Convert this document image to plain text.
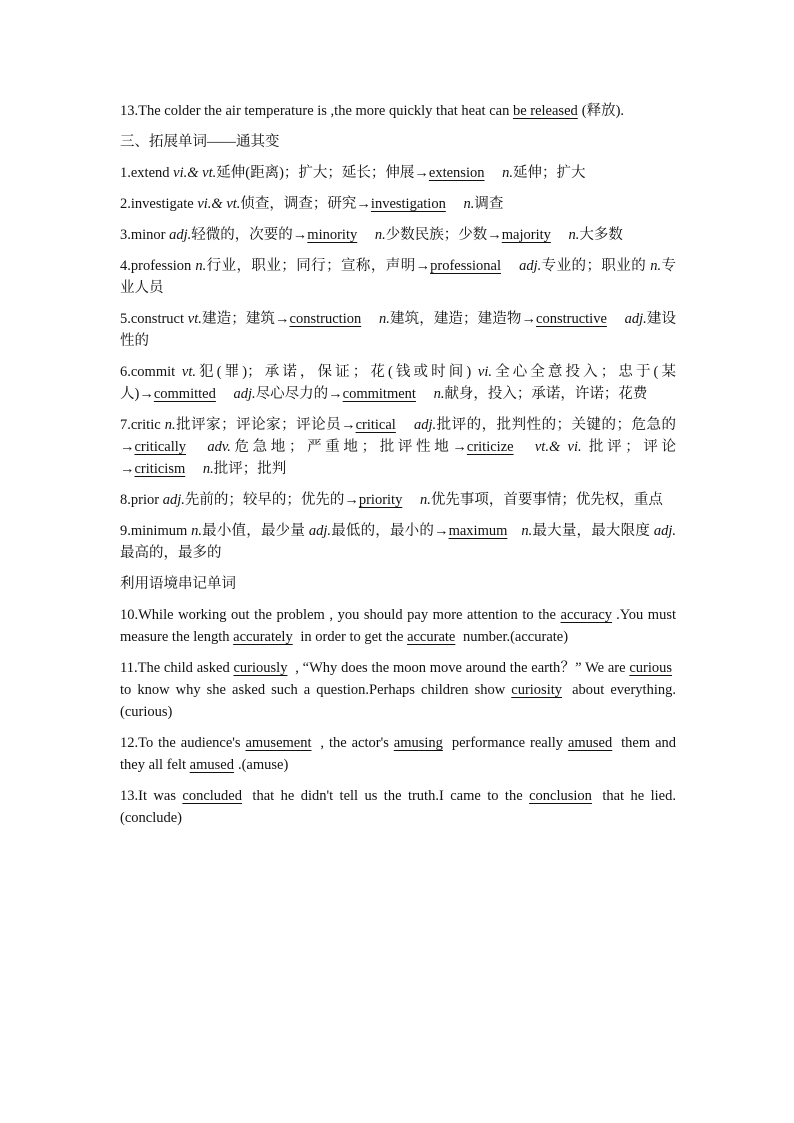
13.The colder the air temperature is ,the more quickly that heat can be released (释放).

三、拓展单词——通其变

1.extend vi.& vt.延伸(距离)；扩大；延长；伸展→extension n.延伸；扩大

2.investigate vi.& vt.侦查，调查；研究→investigation n.调查

3.minor adj.轻微的，次要的→minority n.少数民族；少数→majority n.大多数

4.profession n.行业，职业；同行；宣称，声明→professional adj.专业的；职业的 n.专业人员

5.construct vt.建造；建筑→construction n.建筑，建造；建造物→constructive adj.建设性的

6.commit vt.犯(罪)；承诺，保证；花(钱或时间) vi.全心全意投入；忠于(某人)→committed adj.尽心尽力的→commitment n.献身，投入；承诺，许诺；花费

7.critic n.批评家；评论家；评论员→critical adj.批评的，批判性的；关键的；危急的→critically adv.危急地；严重地；批评性地→criticize vt.& vi. 批评；评论→criticism n.批评；批判

8.prior adj.先前的；较早的；优先的→priority n.优先事项，首要事情；优先权，重点

9.minimum n.最小值，最少量 adj.最低的，最小的→maximum n.最大量，最大限度 adj.最高的，最多的

利用语境串记单词

10.While working out the problem , you should pay more attention to the accuracy .You must measure the length accurately in order to get the accurate number.(accurate)

11.The child asked curiously , “Why does the moon move around the earth？” We are curious to know why she asked such a question.Perhaps children show curiosity about everything.(curious)

12.To the audience's amusement , the actor's amusing performance really amused them and they all felt amused .(amuse)

13.It was concluded that he didn't tell us the truth.I came to the conclusion that he lied.(conclude)
